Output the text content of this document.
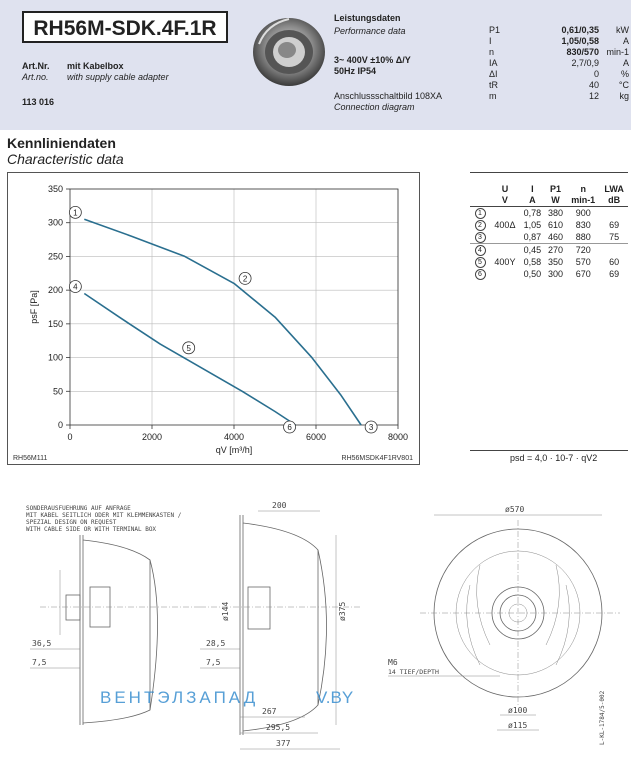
RH56M-SDK.4F.1R
Art.Nr. mit Kabelbox
Art.no. with supply cable adapter
113 016
Leistungsdaten
Performance data
3~ 400V ±10% Δ/Y
50Hz IP54
Anschlussschaltbild 108XA
Connection diagram
P1	0,61/0,35	kW
I	1,05/0,58	A
n	830/570	min-1
IA	2,7/0,9	A
ΔI	0	%
tR	40	°C
m	12	kg
Kennliniendaten
Characteristic data
0
50
100
150
200
250
300
350
0	2000	4000	6000	8000
1
2
3
4
5
6
psF [Pa]
qV [m³/h]
RH56M111	RH56MSDK4F1RV801

	U	I	P1	n	LWA
	V	A	W	min-1	dB
1		0,78	380	900	
2	400Δ	1,05	610	830	69
3		0,87	460	880	75
4		0,45	270	720	
5	400Y	0,58	350	570	60
6		0,50	300	670	69
psd = 4,0 · 10-7 · qV2
SONDERAUSFUEHRUNG AUF ANFRAGE
MIT KABEL SEITLICH ODER MIT KLEMMENKASTEN /
SPEZIAL DESIGN ON REQUEST
WITH CABLE SIDE OR WITH TERMINAL BOX
36,5
7,5
28,5
7,5
200
ø144	ø375
267
295,5
377
ø570
ø100
ø115
M6
14 TIEF/DEPTH
L-KL-1784/5-002
ВЕНТЭЛЗАПАД	V.BY
